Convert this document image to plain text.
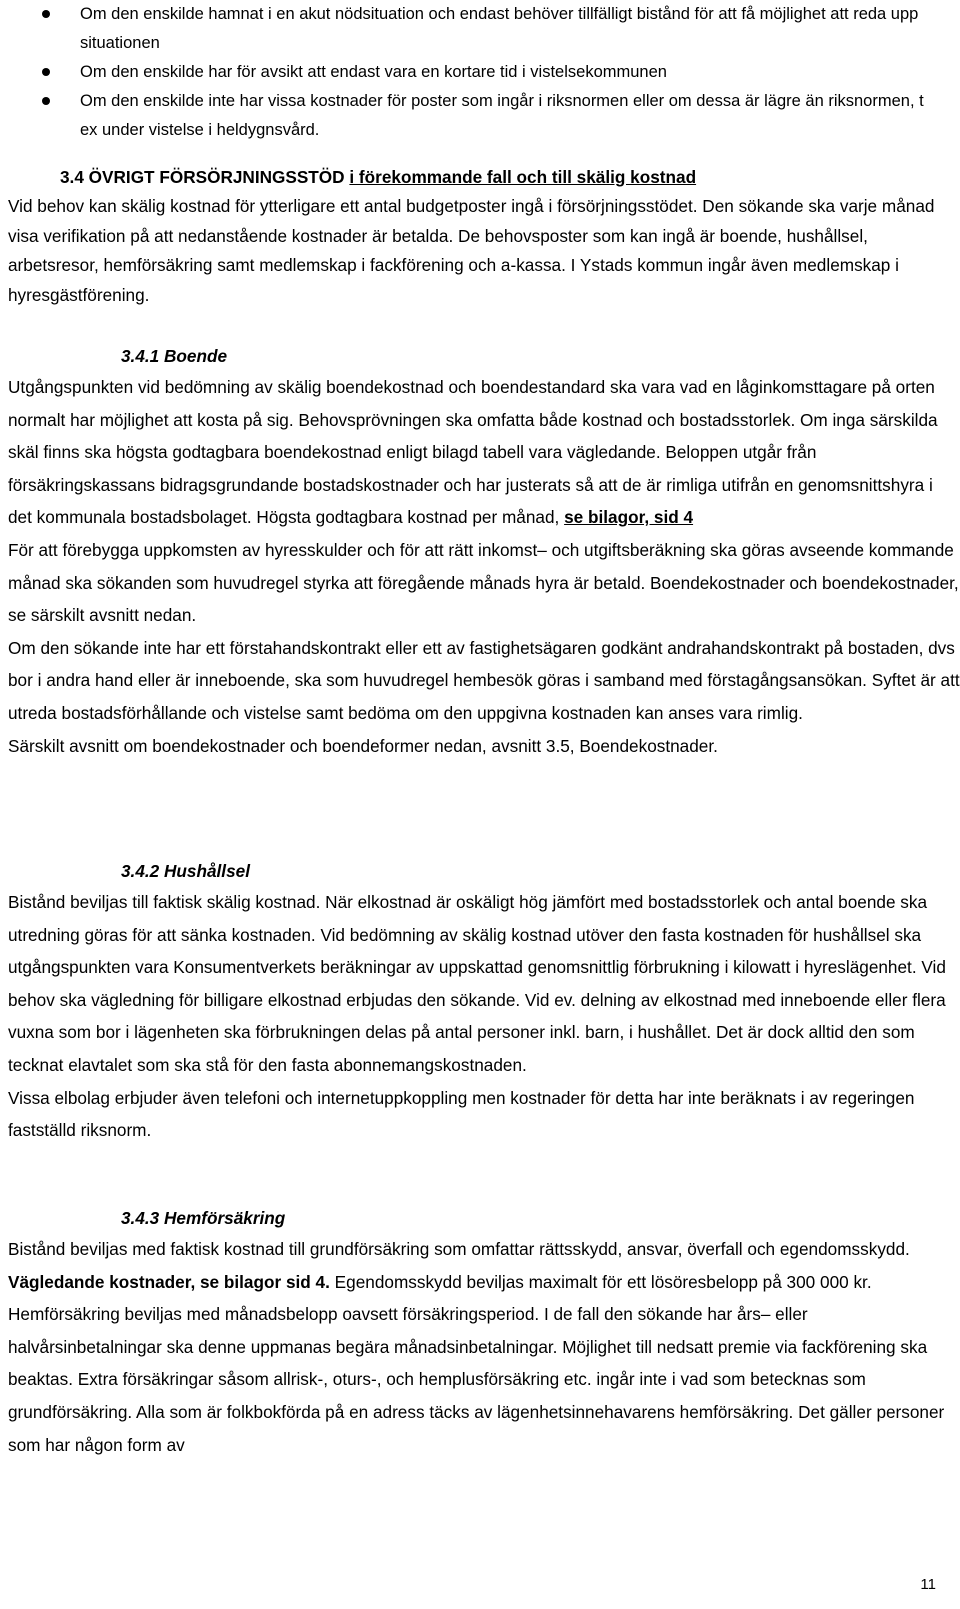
Om den enskilde hamnat i en akut nödsituation och endast behöver tillfälligt bistånd för att få möjlighet att reda upp situationen
Om den enskilde har för avsikt att endast vara en kortare tid i vistelsekommunen
Om den enskilde inte har vissa kostnader för poster som ingår i riksnormen eller om dessa är lägre än riksnormen, t ex under vistelse i heldygnsvård.

3.4 ÖVRIGT FÖRSÖRJNINGSSTÖD i förekommande fall och till skälig kostnad

Vid behov kan skälig kostnad för ytterligare ett antal budgetposter ingå i försörjningsstödet. Den sökande ska varje månad visa verifikation på att nedanstående kostnader är betalda. De behovsposter som kan ingå är boende, hushållsel, arbetsresor, hemförsäkring samt medlemskap i fackförening och a-kassa. I Ystads kommun ingår även medlemskap i hyresgästförening.

3.4.1 Boende

Utgångspunkten vid bedömning av skälig boendekostnad och boendestandard ska vara vad en låginkomsttagare på orten normalt har möjlighet att kosta på sig. Behovsprövningen ska omfatta både kostnad och bostadsstorlek. Om inga särskilda skäl finns ska högsta godtagbara boendekostnad enligt bilagd tabell vara vägledande. Beloppen utgår från försäkringskassans bidragsgrundande bostadskostnader och har justerats så att de är rimliga utifrån en genomsnittshyra i det kommunala bostadsbolaget. Högsta godtagbara kostnad per månad, se bilagor, sid 4

För att förebygga uppkomsten av hyresskulder och för att rätt inkomst– och utgiftsberäkning ska göras avseende kommande månad ska sökanden som huvudregel styrka att föregående månads hyra är betald. Boendekostnader och boendekostnader, se särskilt avsnitt nedan.

Om den sökande inte har ett förstahandskontrakt eller ett av fastighetsägaren godkänt andrahandskontrakt på bostaden, dvs bor i andra hand eller är inneboende, ska som huvudregel hembesök göras i samband med förstagångsansökan. Syftet är att utreda bostadsförhållande och vistelse samt bedöma om den uppgivna kostnaden kan anses vara rimlig.

Särskilt avsnitt om boendekostnader och boendeformer nedan, avsnitt 3.5, Boendekostnader.

3.4.2 Hushållsel

Bistånd beviljas till faktisk skälig kostnad. När elkostnad är oskäligt hög jämfört med bostadsstorlek och antal boende ska utredning göras för att sänka kostnaden. Vid bedömning av skälig kostnad utöver den fasta kostnaden för hushållsel ska utgångspunkten vara Konsumentverkets beräkningar av uppskattad genomsnittlig förbrukning i kilowatt i hyreslägenhet. Vid behov ska vägledning för billigare elkostnad erbjudas den sökande. Vid ev. delning av elkostnad med inneboende eller flera vuxna som bor i lägenheten ska förbrukningen delas på antal personer inkl. barn, i hushållet. Det är dock alltid den som tecknat elavtalet som ska stå för den fasta abonnemangskostnaden.

Vissa elbolag erbjuder även telefoni och internetuppkoppling men kostnader för detta har inte beräknats i av regeringen fastställd riksnorm.

3.4.3 Hemförsäkring

Bistånd beviljas med faktisk kostnad till grundförsäkring som omfattar rättsskydd, ansvar, överfall och egendomsskydd. Vägledande kostnader, se bilagor sid 4. Egendomsskydd beviljas maximalt för ett lösöresbelopp på 300 000 kr. Hemförsäkring beviljas med månadsbelopp oavsett försäkringsperiod. I de fall den sökande har års– eller halvårsinbetalningar ska denne uppmanas begära månadsinbetalningar. Möjlighet till nedsatt premie via fackförening ska beaktas. Extra försäkringar såsom allrisk-, oturs-, och hemplusförsäkring etc. ingår inte i vad som betecknas som grundförsäkring. Alla som är folkbokförda på en adress täcks av lägenhetsinnehavarens hemförsäkring. Det gäller personer som har någon form av

11
